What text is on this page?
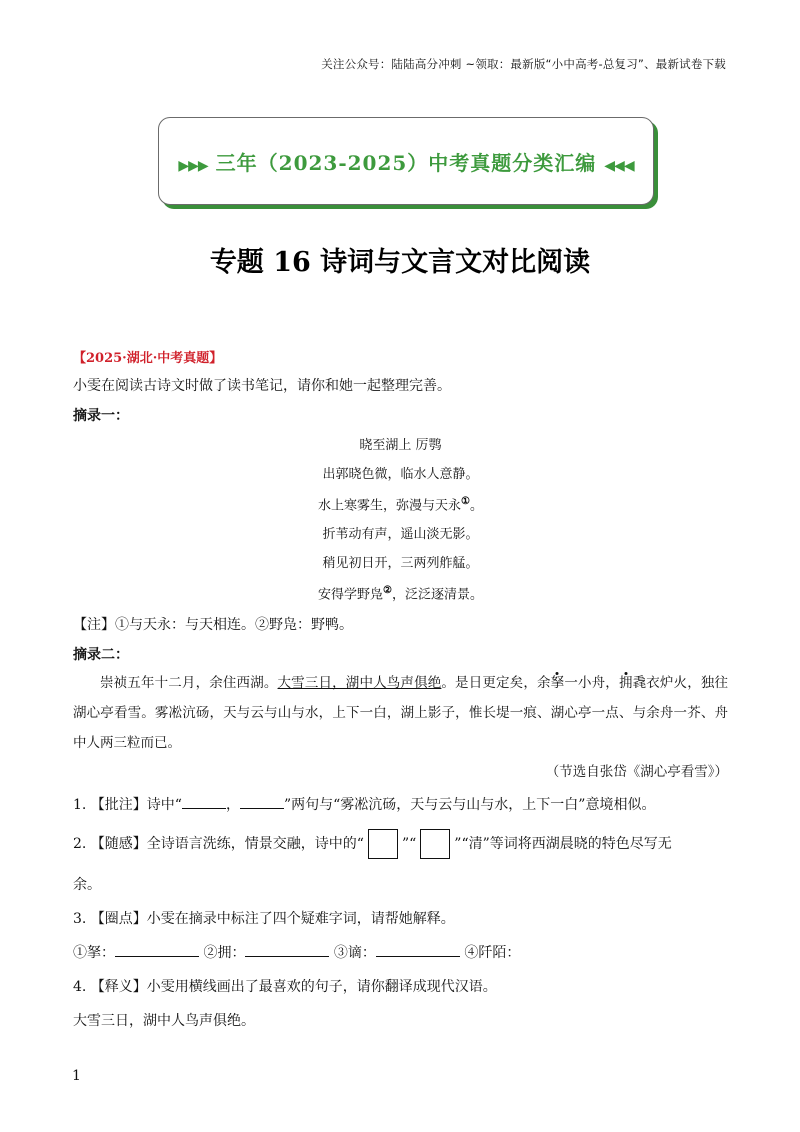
关注公众号：陆陆高分冲刺 ~领取：最新版“小中高考-总复习”、最新试卷下载
▶▶▶ 三年（2023-2025）中考真题分类汇编 ◀◀◀
专题 16 诗词与文言文对比阅读
【2025·湖北·中考真题】
小雯在阅读古诗文时做了读书笔记，请你和她一起整理完善。
摘录一：
晓至湖上 厉鹗
出郭晓色微，临水人意静。
水上寒雾生，弥漫与天永①。
折苇动有声，遥山淡无影。
稍见初日开，三两列舴艋。
安得学野凫②，泛泛逐清景。
【注】①与天永：与天相连。②野凫：野鸭。
摘录二：
崇祯五年十二月，余住西湖。大雪三日，湖中人鸟声俱绝。是日更定矣，余拏一小舟，拥毳衣炉火，独往湖心亭看雪。雾凇沆砀，天与云与山与水，上下一白，湖上影子，惟长堤一痕、湖心亭一点、与余舟一芥、舟中人两三粒而已。
（节选自张岱《湖心亭看雪》）
1. 【批注】诗中“	，	”两句与“雾凇沆砀，天与云与山与水，上下一白”意境相似。
2. 【随感】全诗语言洗练，情景交融，诗中的“	”“	”“清”等词将西湖晨晓的特色尽写无
余。
3. 【圈点】小雯在摘录中标注了四个疑难字词，请帮她解释。
①拏：	②拥：	③谪：	④阡陌：
4. 【释义】小雯用横线画出了最喜欢的句子，请你翻译成现代汉语。
大雪三日，湖中人鸟声俱绝。
1
